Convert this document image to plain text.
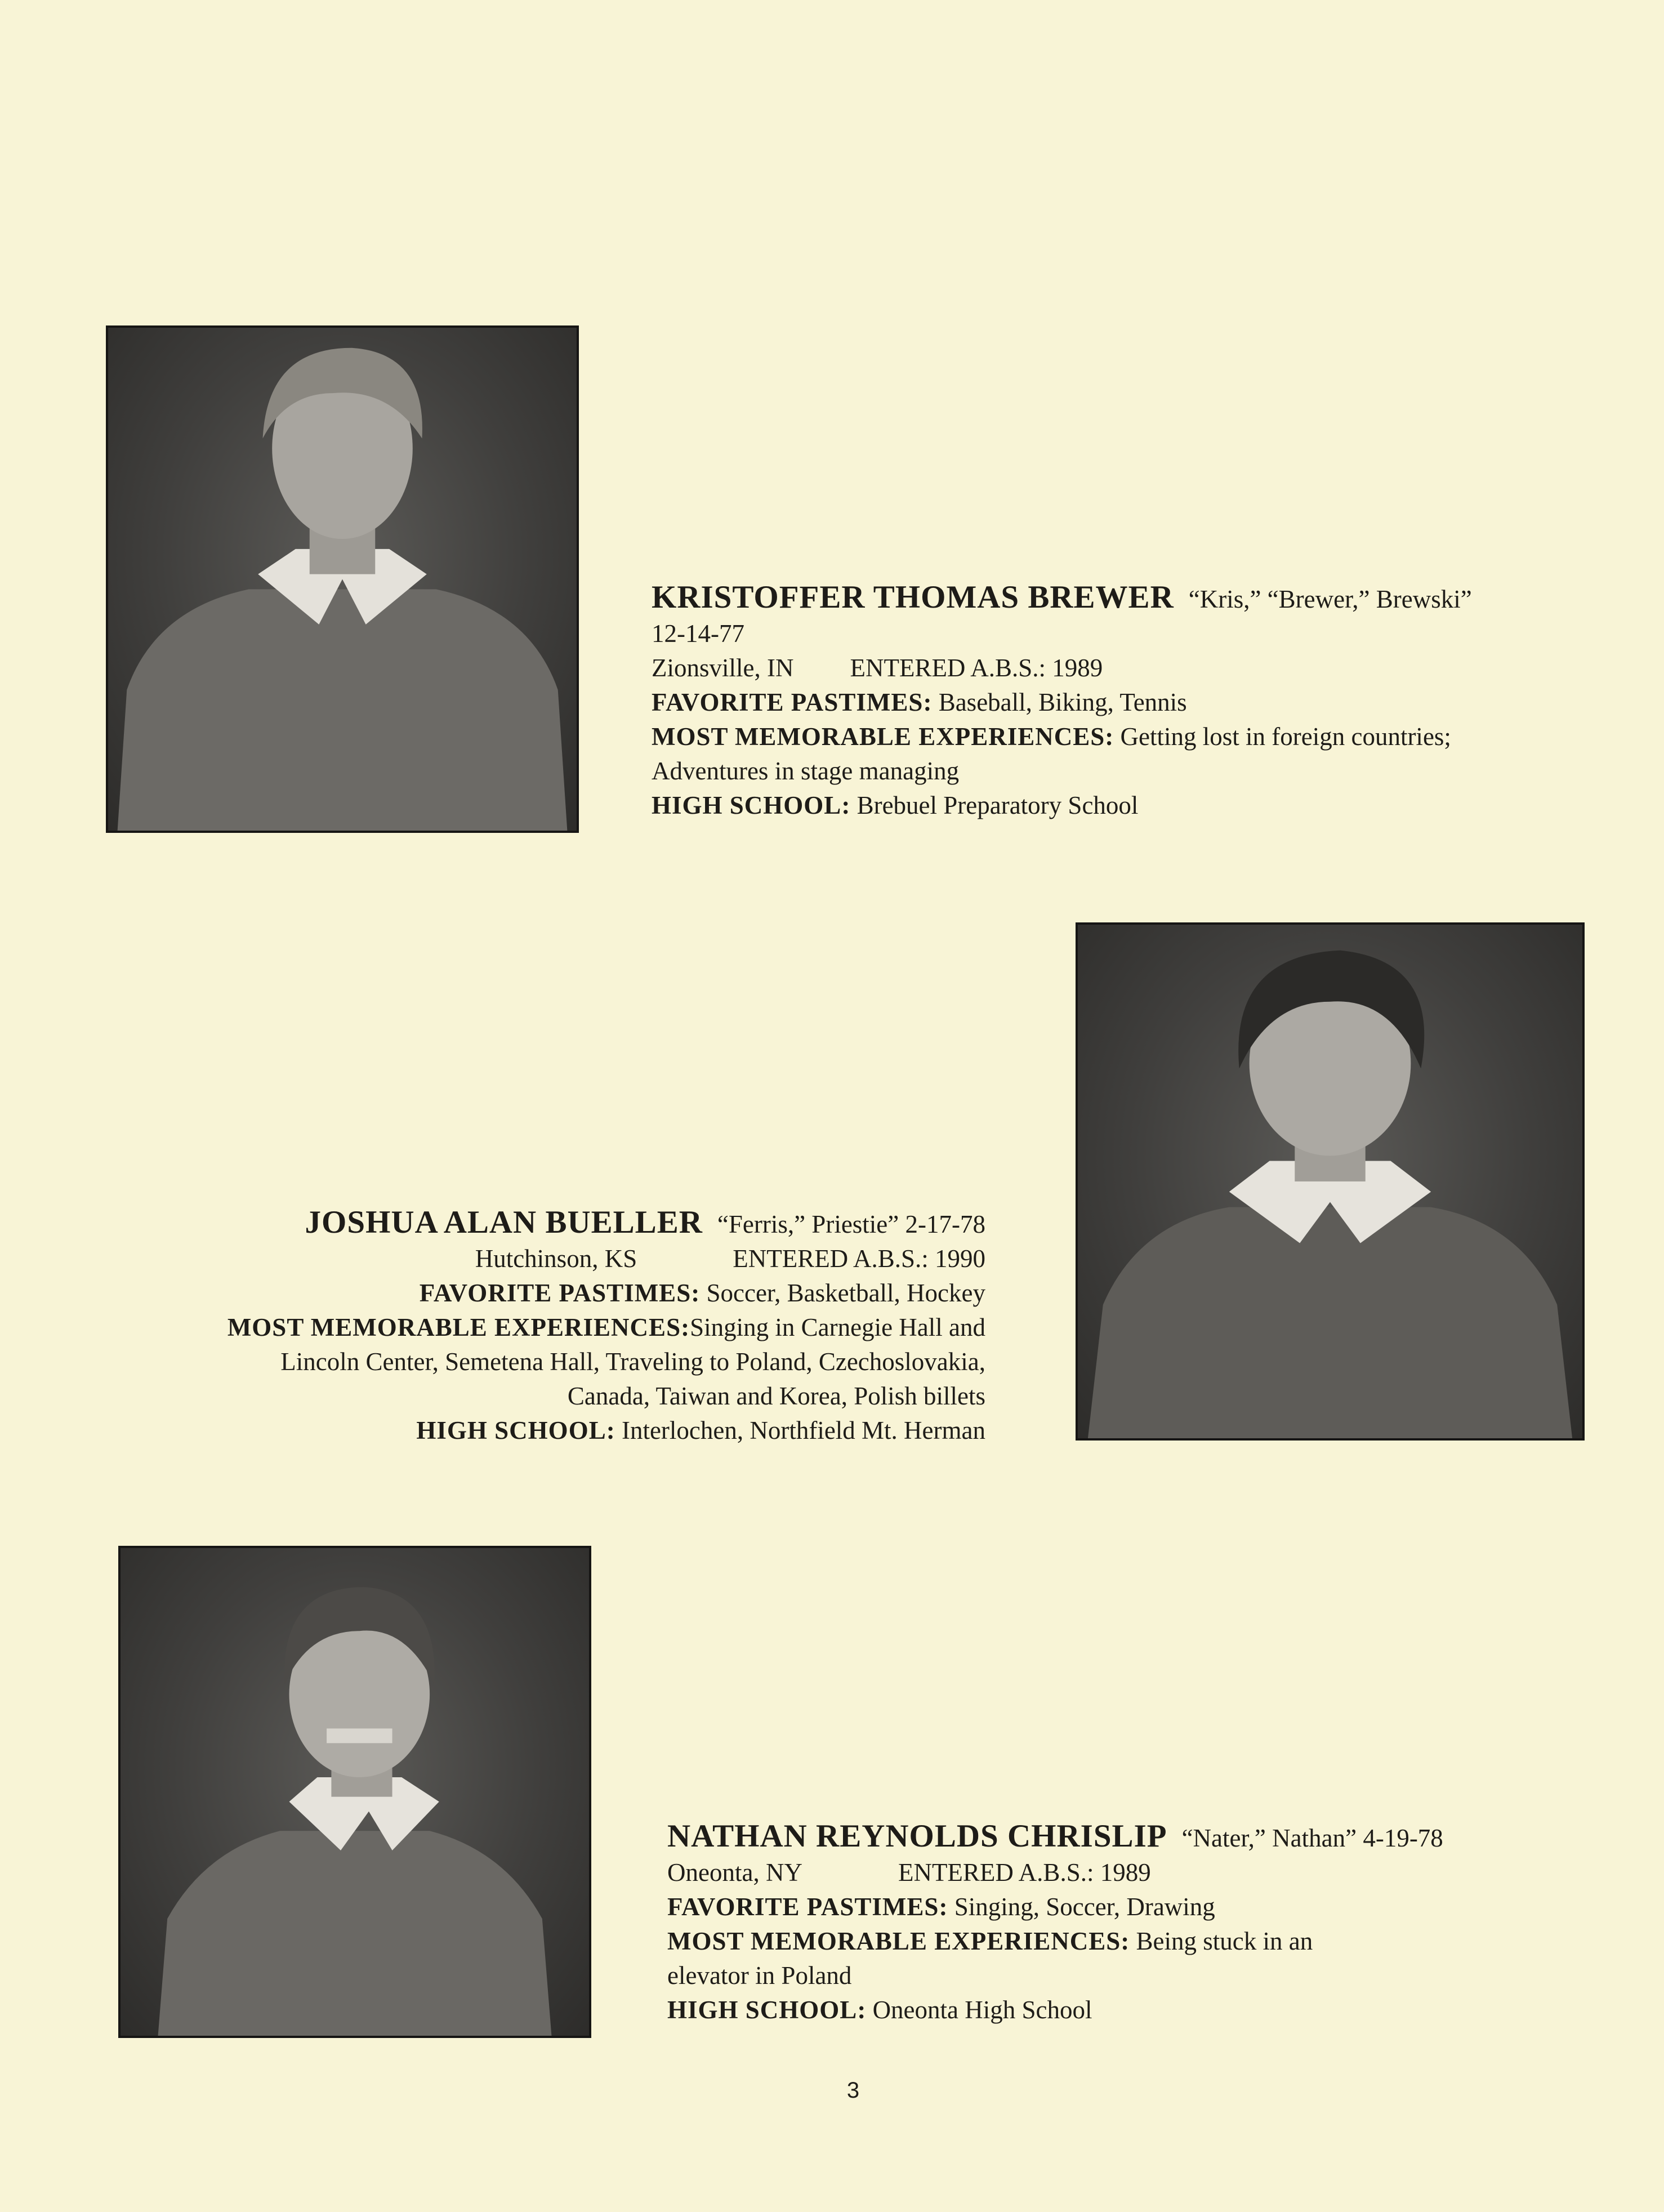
KRISTOFFER THOMAS BREWER “Kris,” “Brewer,” Brewski”
12-14-77
Zionsville, IN ENTERED A.B.S.: 1989
FAVORITE PASTIMES: Baseball, Biking, Tennis
MOST MEMORABLE EXPERIENCES: Getting lost in foreign countries;
Adventures in stage managing
HIGH SCHOOL: Brebuel Preparatory School
JOSHUA ALAN BUELLER “Ferris,” Priestie” 2-17-78
Hutchinson, KS	ENTERED A.B.S.: 1990
FAVORITE PASTIMES: Soccer, Basketball, Hockey
MOST MEMORABLE EXPERIENCES:Singing in Carnegie Hall and
Lincoln Center, Semetena Hall, Traveling to Poland, Czechoslovakia,
Canada, Taiwan and Korea, Polish billets
HIGH SCHOOL: Interlochen, Northfield Mt. Herman
NATHAN REYNOLDS CHRISLIP “Nater,” Nathan” 4-19-78
Oneonta, NY	ENTERED A.B.S.: 1989
FAVORITE PASTIMES: Singing, Soccer, Drawing
MOST MEMORABLE EXPERIENCES: Being stuck in an
elevator in Poland
HIGH SCHOOL: Oneonta High School
3
